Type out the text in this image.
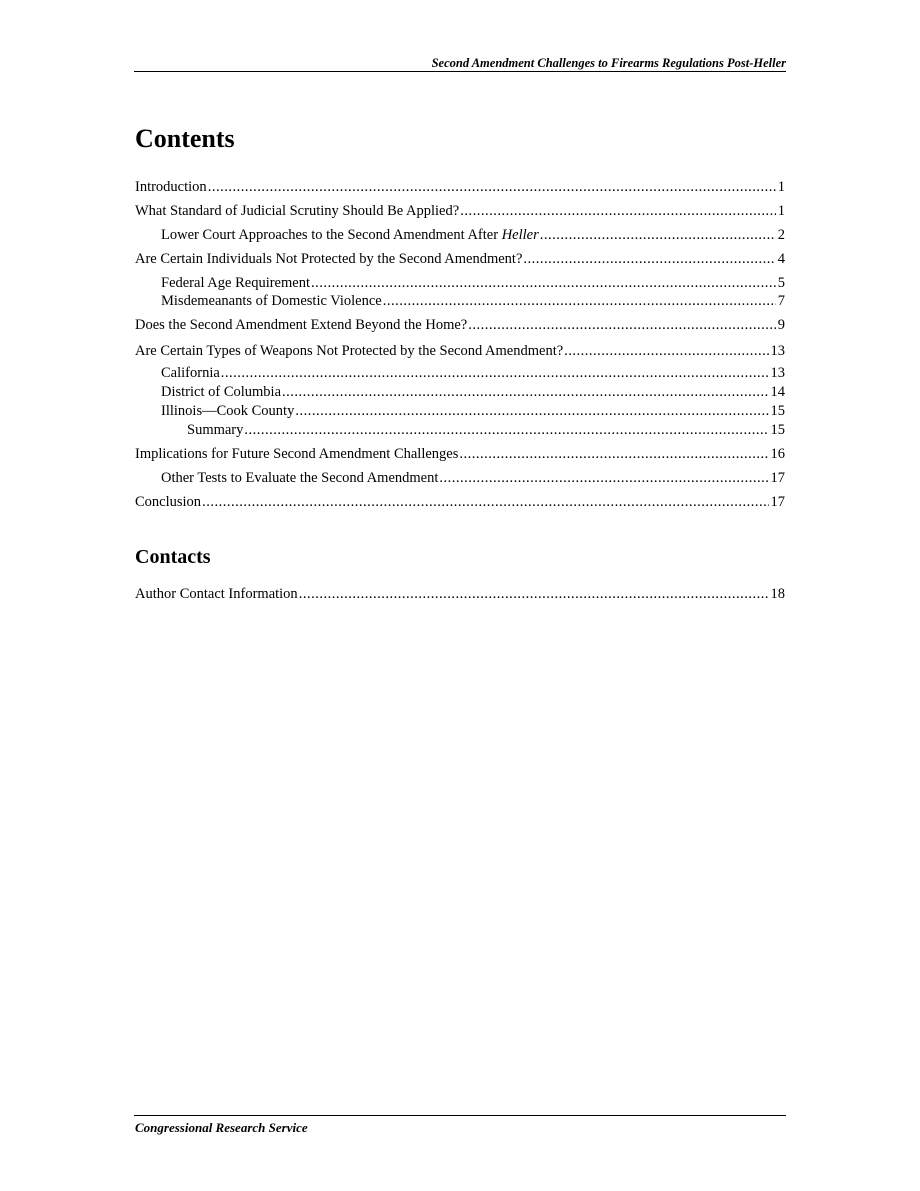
Second Amendment Challenges to Firearms Regulations Post-Heller
Contents
Introduction .....	1
What Standard of Judicial Scrutiny Should Be Applied? .....	1
Lower Court Approaches to the Second Amendment After Heller .....	2
Are Certain Individuals Not Protected by the Second Amendment? .....	4
Federal Age Requirement .....	5
Misdemeanants of Domestic Violence .....	7
Does the Second Amendment Extend Beyond the Home? .....	9
Are Certain Types of Weapons Not Protected by the Second Amendment? .....	13
California .....	13
District of Columbia .....	14
Illinois—Cook County .....	15
Summary .....	15
Implications for Future Second Amendment Challenges .....	16
Other Tests to Evaluate the Second Amendment .....	17
Conclusion .....	17
Contacts
Author Contact Information .....	18
Congressional Research Service
